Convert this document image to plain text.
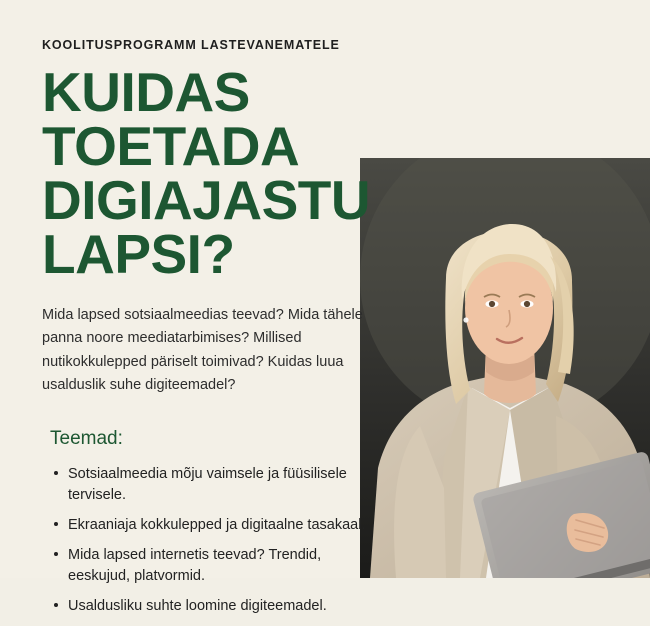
KOOLITUSPROGRAMM LASTEVANEMATELE

KUIDAS TOETADA DIGIAJASTU LAPSI?

Mida lapsed sotsiaalmeedias teevad? Mida tähele panna noore meediatarbimises? Millised nutikokkulepped päriselt toimivad? Kuidas luua usalduslik suhe digiteemadel?

Teemad:
Sotsiaalmeedia mõju vaimsele ja füüsilisele tervisele.
Ekraaniaja kokkulepped ja digitaalne tasakaal.
Mida lapsed internetis teevad? Trendid, eeskujud, platvormid.
Usaldusliku suhte loomine digiteemadel.
